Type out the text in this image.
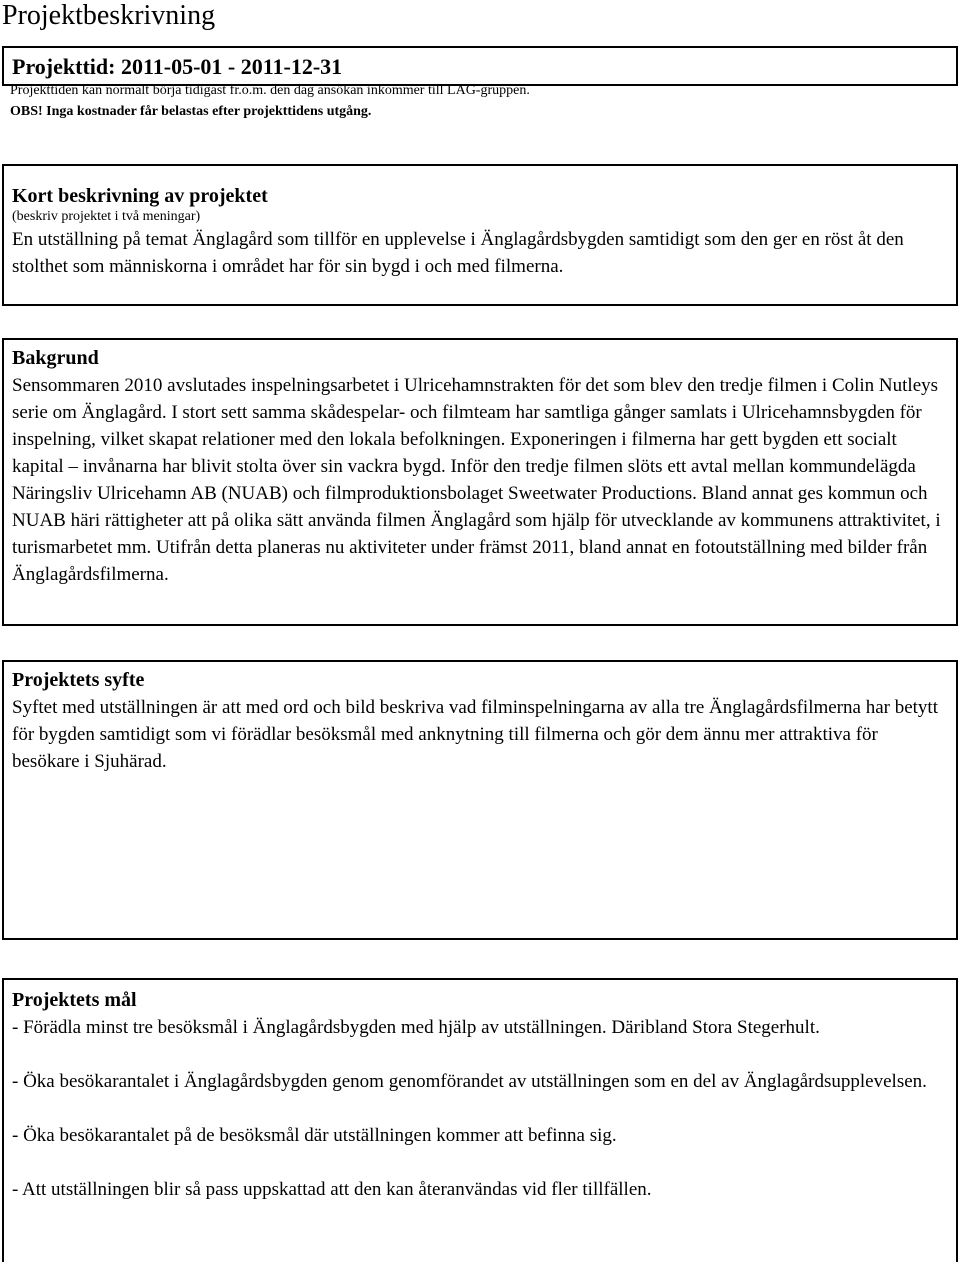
Projektbeskrivning
Projekttid: 2011-05-01 - 2011-12-31
Projekttiden kan normalt börja tidigast fr.o.m. den dag ansökan inkommer till LAG-gruppen.
OBS! Inga kostnader får belastas efter projekttidens utgång.
Kort beskrivning av projektet
(beskriv projektet i två meningar)

En utställning på temat Änglagård som tillför en upplevelse i Änglagårdsbygden samtidigt som den ger en röst åt den stolthet som människorna i området har för sin bygd i och med filmerna.

Bakgrund

Sensommaren 2010 avslutades inspelningsarbetet i Ulricehamnstrakten för det som blev den tredje filmen i Colin Nutleys serie om Änglagård. I stort sett samma skådespelar- och filmteam har samtliga gånger samlats i Ulricehamnsbygden för inspelning, vilket skapat relationer med den lokala befolkningen. Exponeringen i filmerna har gett bygden ett socialt kapital – invånarna har blivit stolta över sin vackra bygd. Inför den tredje filmen slöts ett avtal mellan kommundelägda Näringsliv Ulricehamn AB (NUAB) och filmproduktionsbolaget Sweetwater Productions. Bland annat ges kommun och NUAB häri rättigheter att på olika sätt använda filmen Änglagård som hjälp för utvecklande av kommunens attraktivitet, i turismarbetet mm. Utifrån detta planeras nu aktiviteter under främst 2011, bland annat en fotoutställning med bilder från Änglagårdsfilmerna.

Projektets syfte

Syftet med utställningen är att med ord och bild beskriva vad filminspelningarna av alla tre Änglagårdsfilmerna har betytt för bygden samtidigt som vi förädlar besöksmål med anknytning till filmerna och gör dem ännu mer attraktiva för besökare i Sjuhärad.

Projektets mål

- Förädla minst tre besöksmål i Änglagårdsbygden med hjälp av utställningen. Däribland Stora Stegerhult.

- Öka besökarantalet i Änglagårdsbygden genom genomförandet av utställningen som en del av Änglagårdsupplevelsen.

- Öka besökarantalet på de besöksmål där utställningen kommer att befinna sig.

- Att utställningen blir så pass uppskattad att den kan återanvändas vid fler tillfällen.
